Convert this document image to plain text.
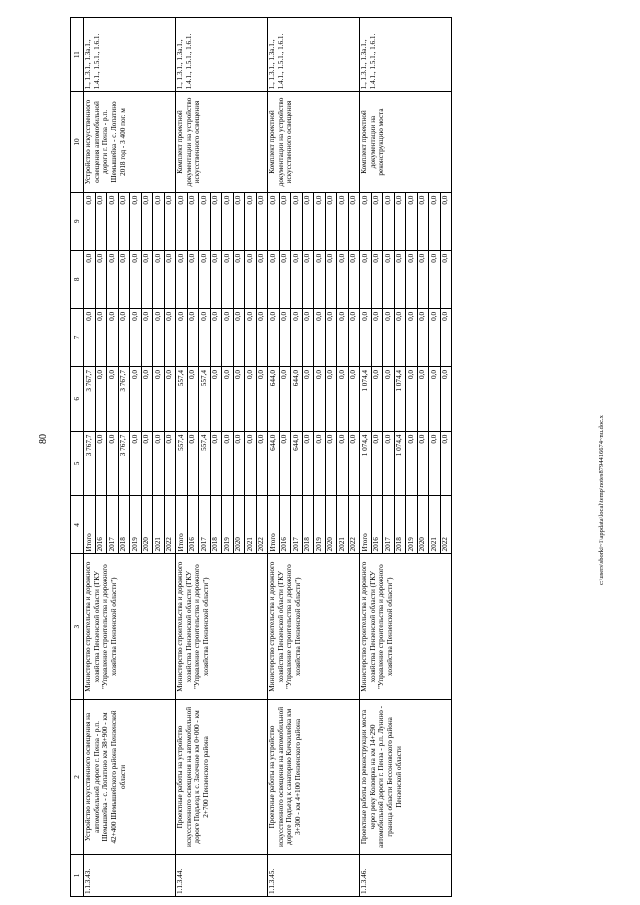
80	c:\users\sborki~1\appdata\local\temp\notes8794416674~nu.doc.x
1	2	3	4	5	6	7	8	9	10	11
1.1.3.43.	Устройство искусственного освещения на автомобильной дороге г. Пенза - р.п. Шемышейка - с. Лопатино км 38+900 - км 42+400 Шемышейского района Пензенской области	Министерство строительства и дорожного хозяйства Пензенской области (ГКУ "Управление строительства и дорожного хозяйства Пензенской области")	Итого	3 767,7	3 767,7	0,0	0,0	0,0	Устройство искусственного освещения автомобильной дороги г. Пенза - р.п. Шемышейка - с. Лопатино 2018 год - 3 400 пог. м	1., 1.3.1., 1.3а.1., 1.4.1., 1.5.1., 1.6.1.
			2016	0,0	0,0	0,0	0,0	0,0		
			2017	0,0	0,0	0,0	0,0	0,0		
			2018	3 767,7	3 767,7	0,0	0,0	0,0		
			2019	0,0	0,0	0,0	0,0	0,0		
			2020	0,0	0,0	0,0	0,0	0,0		
			2021	0,0	0,0	0,0	0,0	0,0		
			2022	0,0	0,0	0,0	0,0	0,0		
1.1.3.44.	Проектные работы на устройство искусственного освещения на автомобильной дороге Подъезд к с. Засечное км 0+000 - км 2+700 Пензенского района	Министерство строительства и дорожного хозяйства Пензенской области (ГКУ "Управление строительства и дорожного хозяйства Пензенской области")	Итого	557,4	557,4	0,0	0,0	0,0	Комплект проектной документации на устройство искусственного освещения	1., 1.3.1., 1.3а.1., 1.4.1., 1.5.1., 1.6.1.
			2016	0,0	0,0	0,0	0,0	0,0		
			2017	557,4	557,4	0,0	0,0	0,0		
			2018	0,0	0,0	0,0	0,0	0,0		
			2019	0,0	0,0	0,0	0,0	0,0		
			2020	0,0	0,0	0,0	0,0	0,0		
			2021	0,0	0,0	0,0	0,0	0,0		
			2022	0,0	0,0	0,0	0,0	0,0		
1.1.3.45.	Проектные работы на устройство искусственного освещения на автомобильной дороге Подъезд к санаторию Кичкилейка км 3+300 - км 4+100 Пензенского района	Министерство строительства и дорожного хозяйства Пензенской области (ГКУ "Управление строительства и дорожного хозяйства Пензенской области")	Итого	644,0	644,0	0,0	0,0	0,0	Комплект проектной документации на устройство искусственного освещения	1., 1.3.1., 1.3а.1., 1.4.1., 1.5.1., 1.6.1.
			2016	0,0	0,0	0,0	0,0	0,0		
			2017	644,0	644,0	0,0	0,0	0,0		
			2018	0,0	0,0	0,0	0,0	0,0		
			2019	0,0	0,0	0,0	0,0	0,0		
			2020	0,0	0,0	0,0	0,0	0,0		
			2021	0,0	0,0	0,0	0,0	0,0		
			2022	0,0	0,0	0,0	0,0	0,0		
1.1.3.46.	Проектные работы по реконструкции моста через реку Колоярка на км 14+290 автомобильной дороги г. Пенза - р.п. Лунино - граница области Бессоновского района Пензенской области	Министерство строительства и дорожного хозяйства Пензенской области (ГКУ "Управление строительства и дорожного хозяйства Пензенской области")	Итого	1 074,4	1 074,4	0,0	0,0	0,0	Комплект проектной документации на реконструкцию моста	1., 1.3.1., 1.3а.1., 1.4.1., 1.5.1., 1.6.1.
			2016	0,0	0,0	0,0	0,0	0,0		
			2017	0,0	0,0	0,0	0,0	0,0		
			2018	1 074,4	1 074,4	0,0	0,0	0,0		
			2019	0,0	0,0	0,0	0,0	0,0		
			2020	0,0	0,0	0,0	0,0	0,0		
			2021	0,0	0,0	0,0	0,0	0,0		
			2022	0,0	0,0	0,0	0,0	0,0		
